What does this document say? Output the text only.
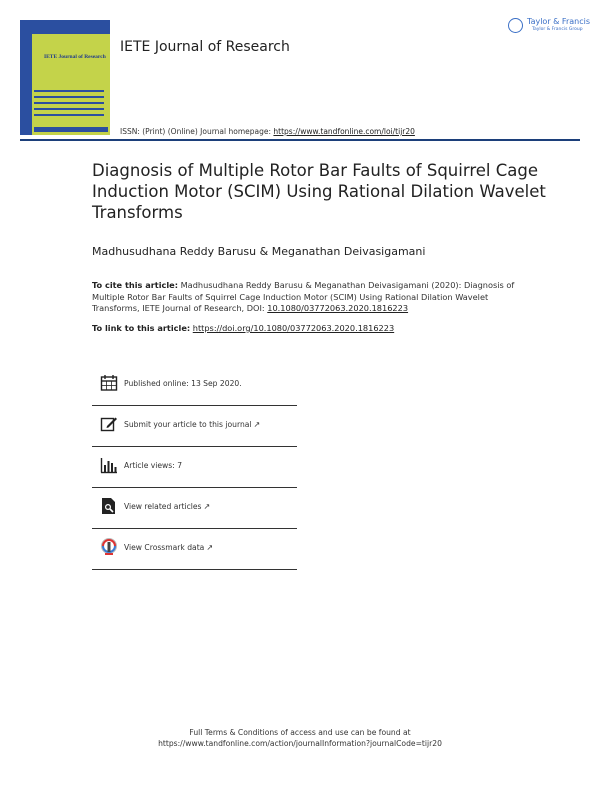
IETE Journal of Research
IETE Journal of Research
ISSN: (Print) (Online) Journal homepage: https://www.tandfonline.com/loi/tijr20
Taylor & Francis
Taylor & Francis Group
Diagnosis of Multiple Rotor Bar Faults of Squirrel Cage Induction Motor (SCIM) Using Rational Dilation Wavelet Transforms
Madhusudhana Reddy Barusu & Meganathan Deivasigamani
To cite this article: Madhusudhana Reddy Barusu & Meganathan Deivasigamani (2020): Diagnosis of Multiple Rotor Bar Faults of Squirrel Cage Induction Motor (SCIM) Using Rational Dilation Wavelet Transforms, IETE Journal of Research, DOI: 10.1080/03772063.2020.1816223
To link to this article: https://doi.org/10.1080/03772063.2020.1816223
Published online: 13 Sep 2020.
Submit your article to this journal ↗
Article views: 7
View related articles ↗
View Crossmark data ↗
Full Terms & Conditions of access and use can be found at
https://www.tandfonline.com/action/journalInformation?journalCode=tijr20
